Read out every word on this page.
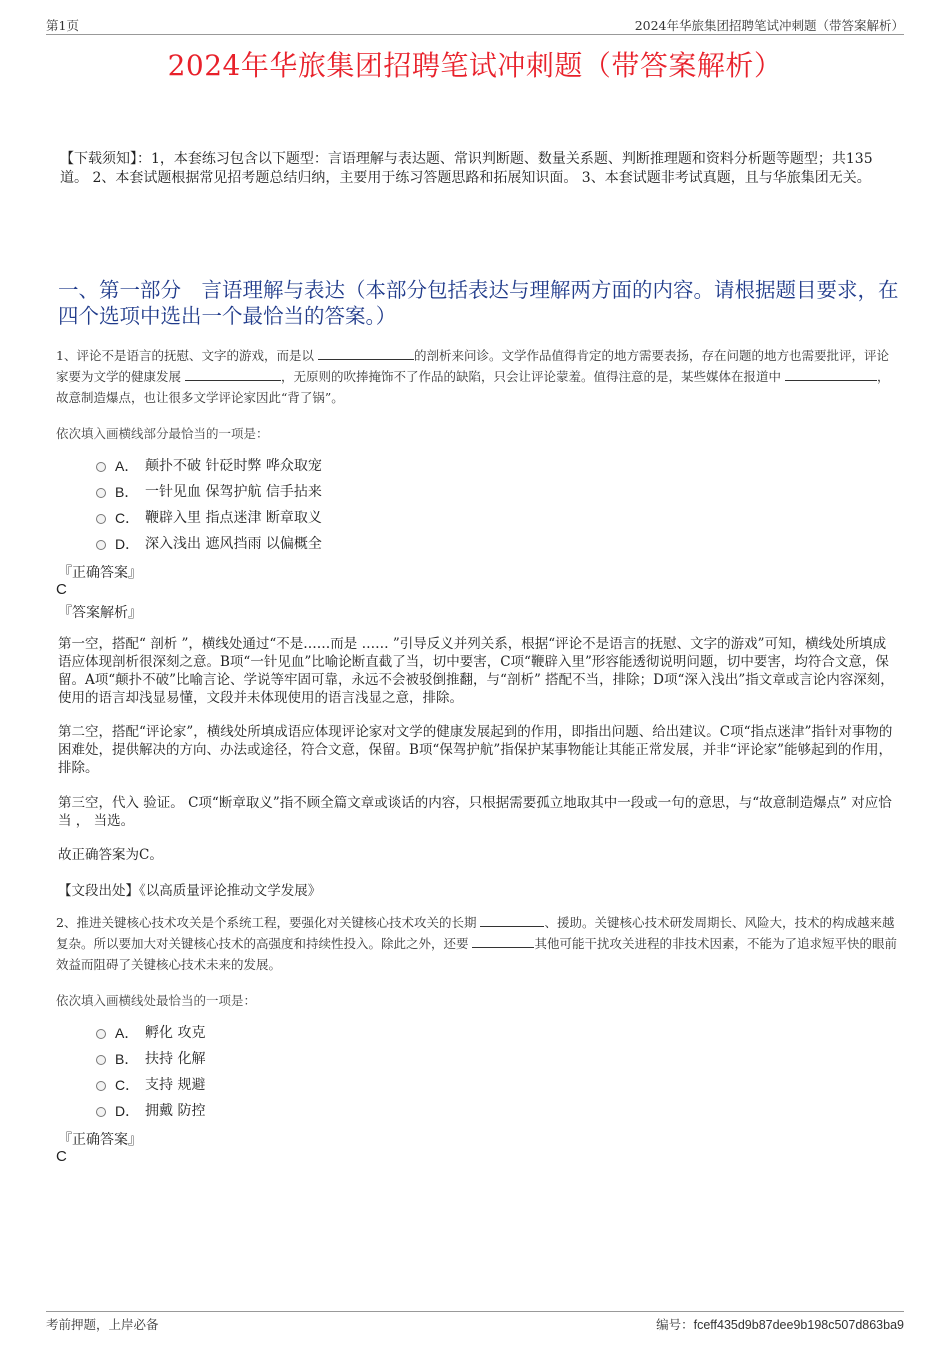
第1页	2024年华旅集团招聘笔试冲刺题（带答案解析）
2024年华旅集团招聘笔试冲刺题（带答案解析）
【下载须知】：1，本套练习包含以下题型：言语理解与表达题、常识判断题、数量关系题、判断推理题和资料分析题等题型；共135道。 2、本套试题根据常见招考题总结归纳，主要用于练习答题思路和拓展知识面。 3、本套试题非考试真题，且与华旅集团无关。
一、第一部分　言语理解与表达（本部分包括表达与理解两方面的内容。请根据题目要求，在四个选项中选出一个最恰当的答案。）
1、评论不是语言的抚慰、文字的游戏，而是以	的剖析来问诊。文学作品值得肯定的地方需要表扬，存在问题的地方也需要批评，评论家要为文学的健康发展	，无原则的吹捧掩饰不了作品的缺陷，只会让评论蒙羞。值得注意的是，某些媒体在报道中	，故意制造爆点，也让很多文学评论家因此“背了锅”。
依次填入画横线部分最恰当的一项是：
A． 颠扑不破 针砭时弊 哗众取宠
B． 一针见血 保驾护航 信手拈来
C． 鞭辟入里 指点迷津 断章取义
D． 深入浅出 遮风挡雨 以偏概全
『正确答案』
C
『答案解析』
第一空，搭配“ 剖析 ”，横线处通过“不是……而是 …… ”引导反义并列关系，根据“评论不是语言的抚慰、文字的游戏”可知，横线处所填成语应体现剖析很深刻之意。B项“一针见血”比喻论断直截了当，切中要害，C项“鞭辟入里”形容能透彻说明问题，切中要害，均符合文意，保留。A项“颠扑不破”比喻言论、学说等牢固可靠，永远不会被驳倒推翻，与“剖析” 搭配不当，排除；D项“深入浅出”指文章或言论内容深刻，使用的语言却浅显易懂，文段并未体现使用的语言浅显之意，排除。
第二空，搭配“评论家”，横线处所填成语应体现评论家对文学的健康发展起到的作用，即指出问题、给出建议。C项“指点迷津”指针对事物的困难处，提供解决的方向、办法或途径，符合文意，保留。B项“保驾护航”指保护某事物能让其能正常发展，并非“评论家”能够起到的作用，排除。
第三空，代入 验证。 C项“断章取义”指不顾全篇文章或谈话的内容，只根据需要孤立地取其中一段或一句的意思，与“故意制造爆点” 对应恰当 ， 当选。
故正确答案为C。
【文段出处】《以高质量评论推动文学发展》
2、推进关键核心技术攻关是个系统工程，要强化对关键核心技术攻关的长期	、援助。关键核心技术研发周期长、风险大，技术的构成越来越复杂。所以要加大对关键核心技术的高强度和持续性投入。除此之外，还要	其他可能干扰攻关进程的非技术因素，不能为了追求短平快的眼前效益而阻碍了关键核心技术未来的发展。
依次填入画横线处最恰当的一项是：
A． 孵化 攻克
B． 扶持 化解
C． 支持 规避
D． 拥戴 防控
『正确答案』
C
考前押题，上岸必备	编号：fceff435d9b87dee9b198c507d863ba9
